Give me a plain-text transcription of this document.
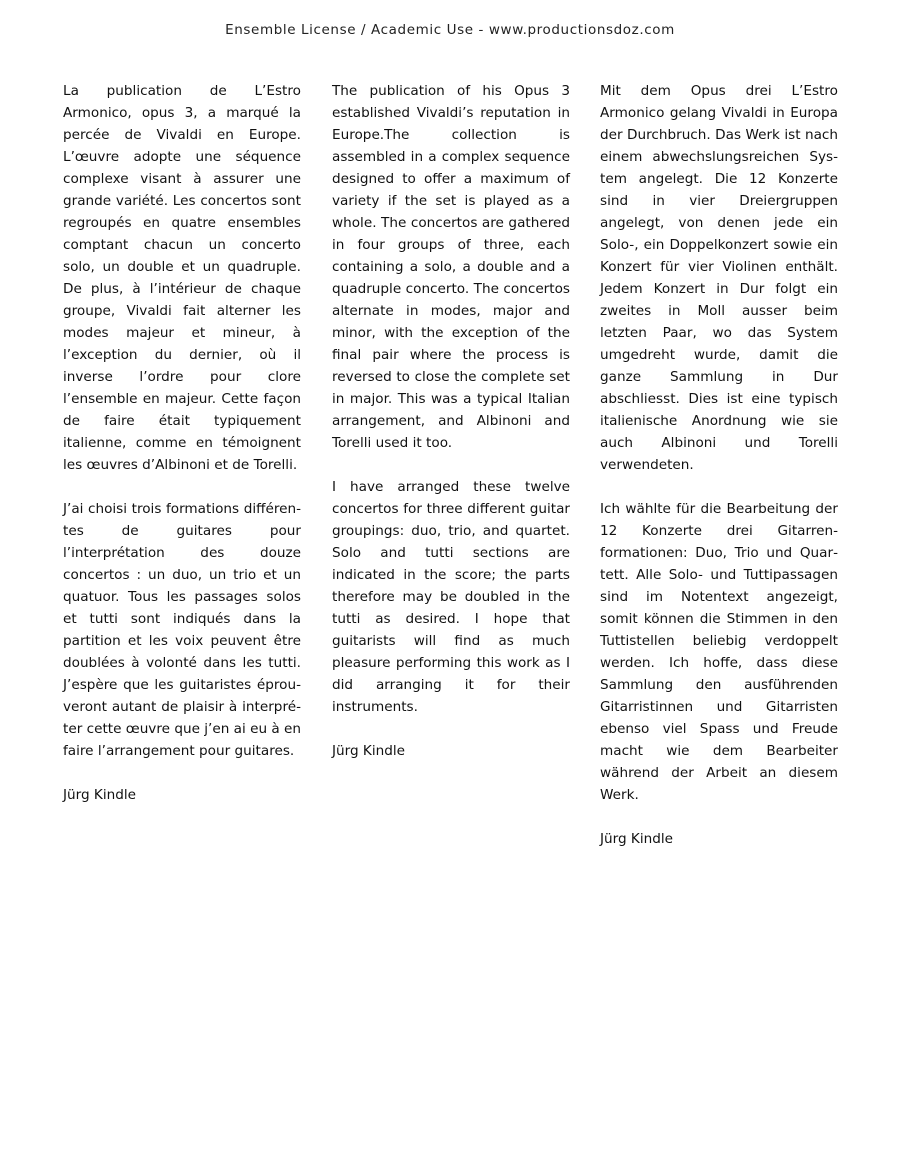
Ensemble License / Academic Use - www.productionsdoz.com

La publication de L’Estro Armonico, opus 3, a marqué la percée de Vivaldi en Europe. L’œuvre adopte une séquence complexe visant à assurer une grande variété. Les concertos sont regroupés en quatre ensembles comptant chacun un concerto solo, un double et un quadruple. De plus, à l’intérieur de chaque groupe, Vivaldi fait alterner les modes majeur et mineur, à l’exception du dernier, où il inverse l’ordre pour clore l’ensemble en majeur. Cette façon de faire était typiquement italienne, comme en témoignent les œuvres d’Albinoni et de Torelli.

J’ai choisi trois formations différentes de guitares pour l’interprétation des douze concertos : un duo, un trio et un quatuor. Tous les passages solos et tutti sont indiqués dans la partition et les voix peuvent être doublées à volonté dans les tutti. J’espère que les guitaristes éprouveront autant de plaisir à interpréter cette œuvre que j’en ai eu à en faire l’arrangement pour guitares.

Jürg Kindle

The publication of his Opus 3 established Vivaldi’s reputation in Europe.The collection is assembled in a complex sequence designed to offer a maximum of variety if the set is played as a whole. The concertos are gathered in four groups of three, each containing a solo, a double and a quadruple concerto. The concertos alternate in modes, major and minor, with the exception of the final pair where the process is reversed to close the complete set in major. This was a typical Italian arrangement, and Albinoni and Torelli used it too.

I have arranged these twelve concertos for three different guitar groupings: duo, trio, and quartet. Solo and tutti sections are indicated in the score; the parts therefore may be doubled in the tutti as desired. I hope that guitarists will find as much pleasure performing this work as I did arranging it for their instruments.

Jürg Kindle

Mit dem Opus drei L’Estro Armonico gelang Vivaldi in Europa der Durchbruch. Das Werk ist nach einem abwechslungsreichen System angelegt. Die 12 Konzerte sind in vier Dreiergruppen angelegt, von denen jede ein Solo-, ein Doppelkonzert sowie ein Konzert für vier Violinen enthält. Jedem Konzert in Dur folgt ein zweites in Moll ausser beim letzten Paar, wo das System umgedreht wurde, damit die ganze Sammlung in Dur abschliesst. Dies ist eine typisch italienische Anordnung wie sie auch Albinoni und Torelli verwendeten.

Ich wählte für die Bearbeitung der 12 Konzerte drei Gitarrenformationen: Duo, Trio und Quartett. Alle Solo- und Tuttipassagen sind im Notentext angezeigt, somit können die Stimmen in den Tuttistellen beliebig verdoppelt werden. Ich hoffe, dass diese Sammlung den ausführenden Gitarristinnen und Gitarristen ebenso viel Spass und Freude macht wie dem Bearbeiter während der Arbeit an diesem Werk.

Jürg Kindle
